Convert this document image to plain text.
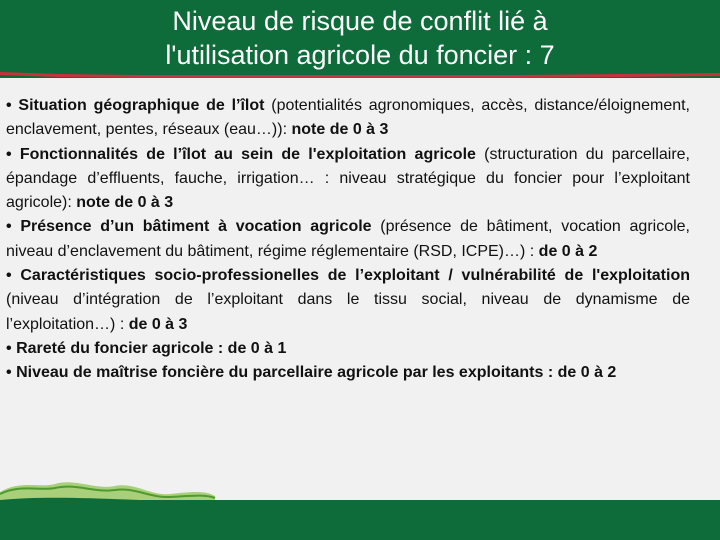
Niveau de risque de conflit lié à
l'utilisation agricole du foncier : 7

• Situation géographique de l’îlot (potentialités agronomiques, accès, distance/éloignement, enclavement, pentes, réseaux (eau…)): note de 0 à 3

• Fonctionnalités de l’îlot au sein de l'exploitation agricole (structuration du parcellaire, épandage d’effluents, fauche, irrigation… : niveau stratégique du foncier pour l’exploitant agricole): note de 0 à 3

• Présence d’un bâtiment à vocation agricole (présence de bâtiment, vocation agricole, niveau d’enclavement du bâtiment, régime réglementaire (RSD, ICPE)…) : de 0 à 2

• Caractéristiques socio-professionelles de l’exploitant / vulnérabilité de l'exploitation (niveau d’intégration de l’exploitant dans le tissu social, niveau de dynamisme de l’exploitation…) : de 0 à 3

• Rareté du foncier agricole : de 0 à 1

• Niveau de maîtrise foncière du parcellaire agricole par les exploitants : de 0 à 2
